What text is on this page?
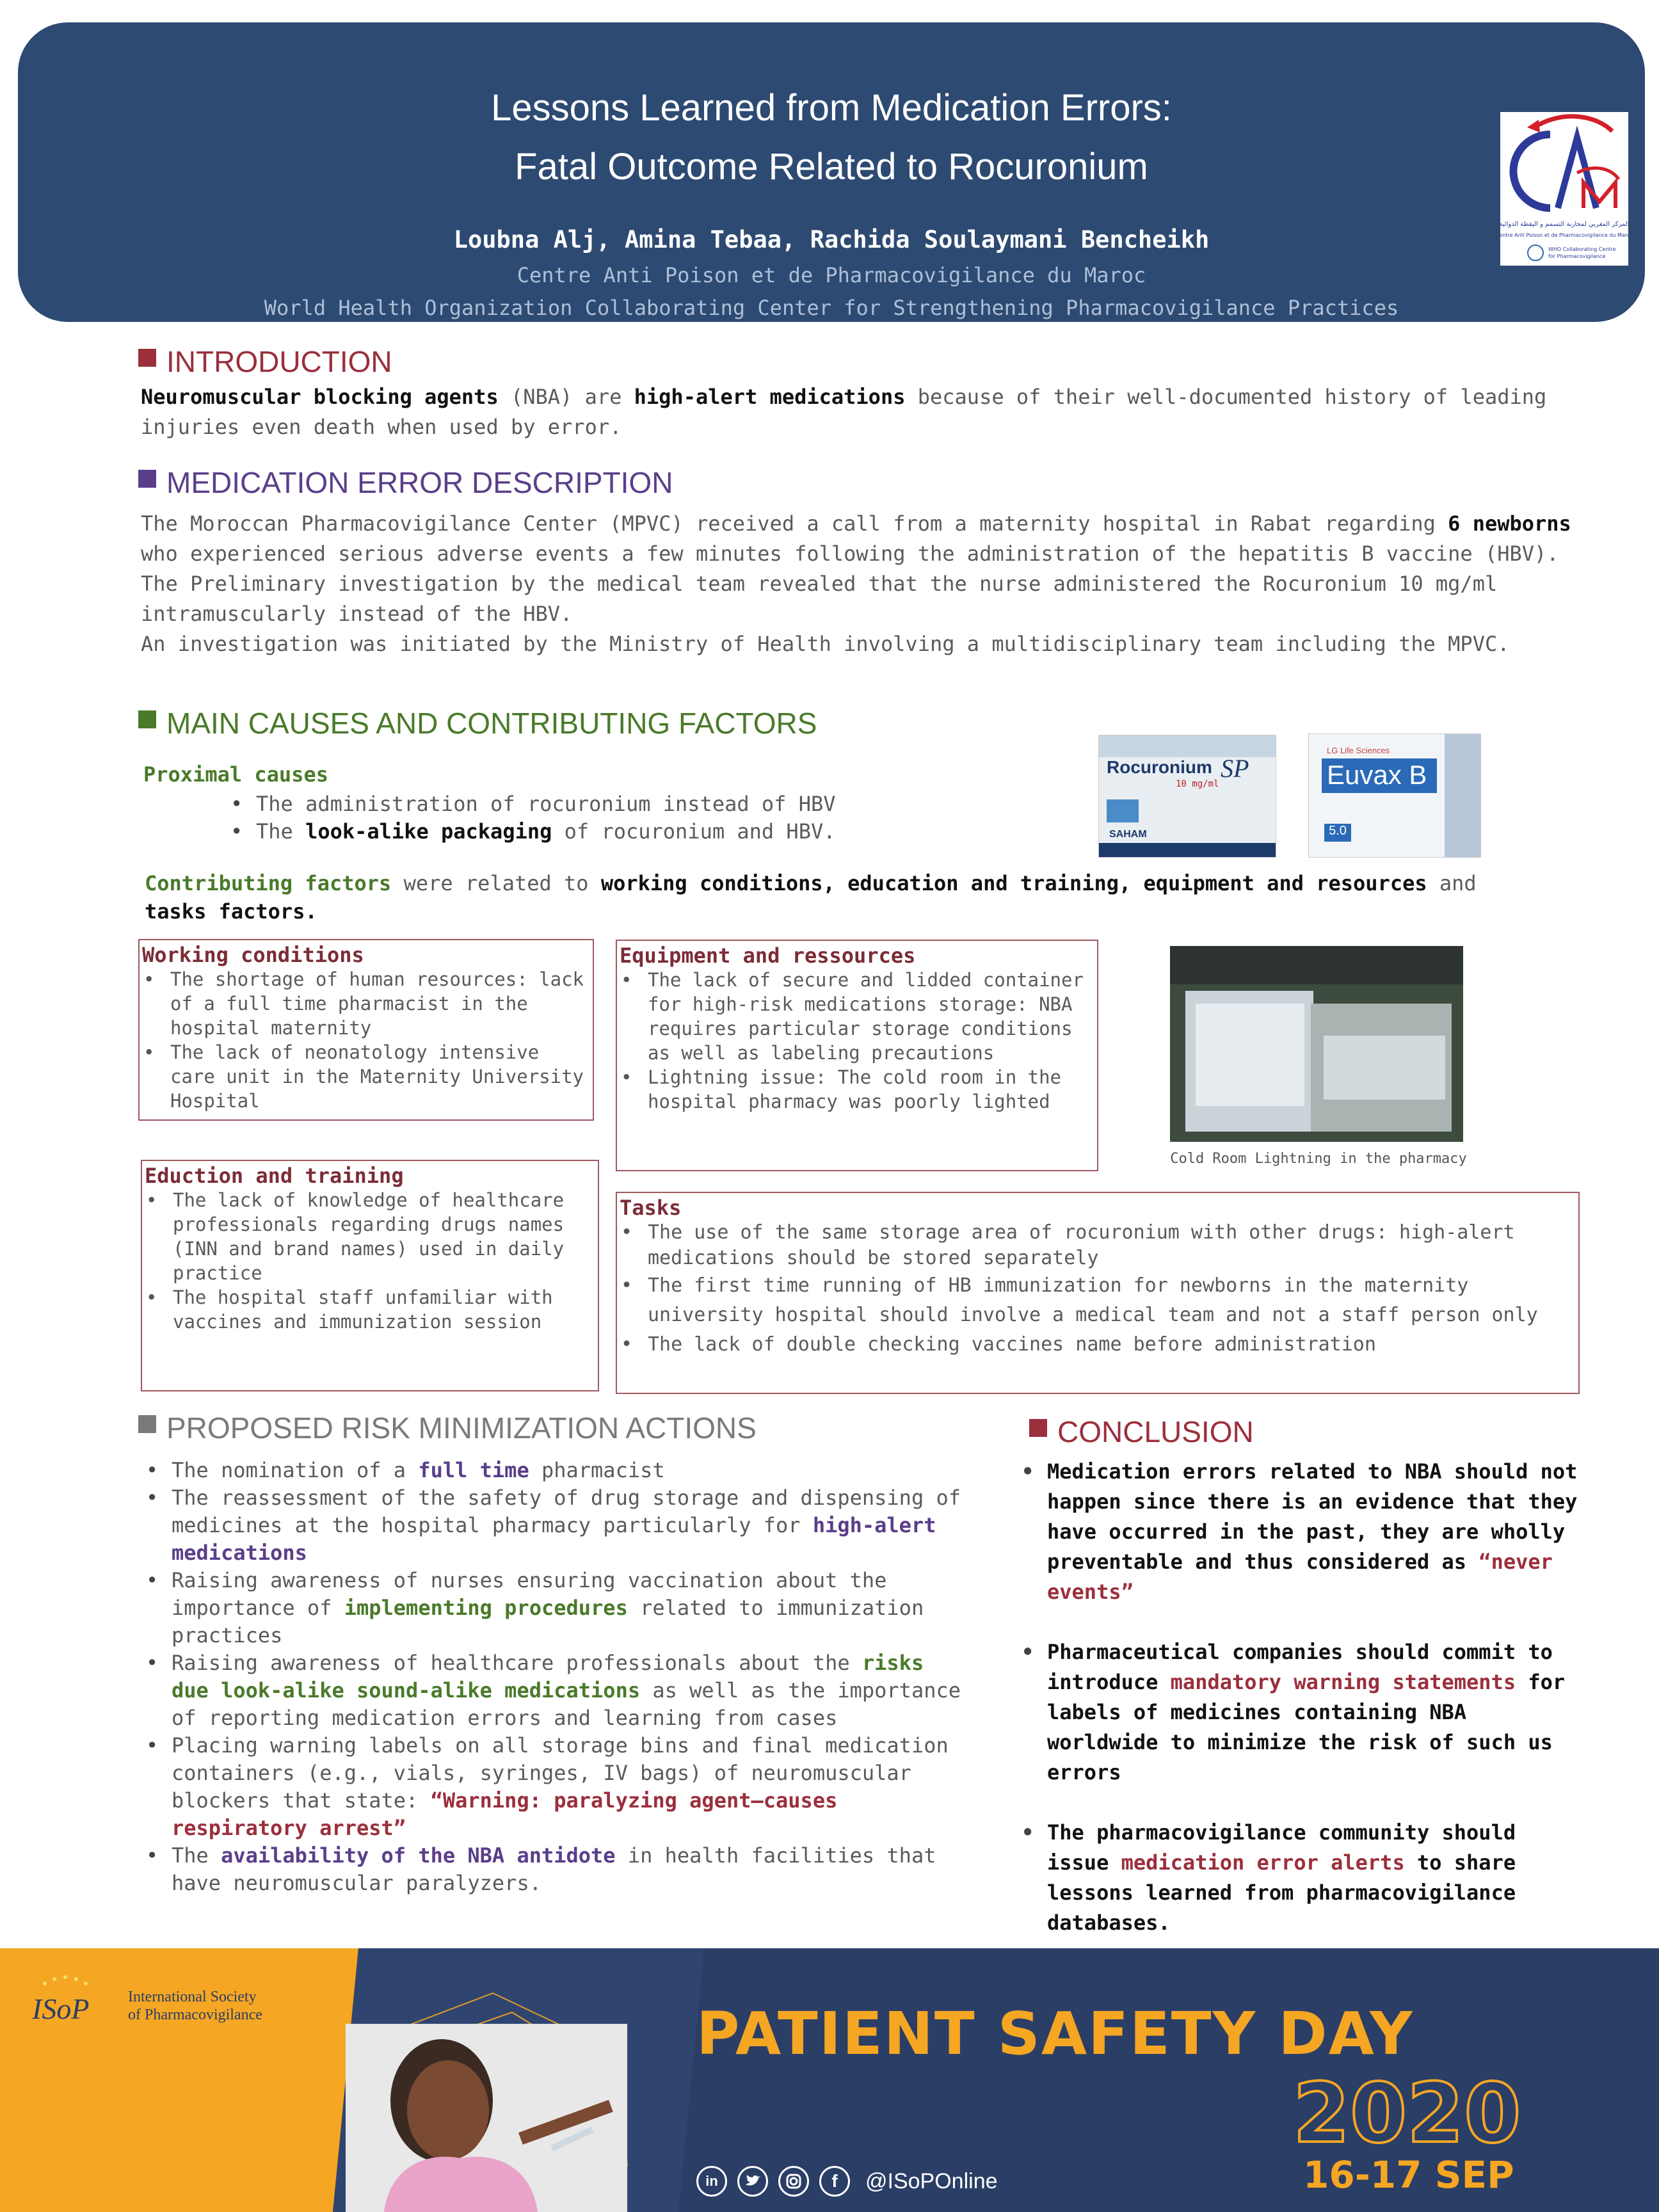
Lessons Learned from Medication Errors:
Fatal Outcome Related to Rocuronium
Loubna Alj, Amina Tebaa, Rachida Soulaymani Bencheikh
Centre Anti Poison et de Pharmacovigilance du Maroc
World Health Organization Collaborating Center for Strengthening Pharmacovigilance Practices
المركز المغربي لمحاربة التسمم و اليقظة الدوائية
Centre Anti Poison et de Pharmacovigilance du Maroc
WHO Collaborating Centre
for Pharmacovigilance
INTRODUCTION
Neuromuscular blocking agents (NBA) are high-alert medications because of their well-documented history of leading injuries even death when used by error.
MEDICATION ERROR DESCRIPTION
The Moroccan Pharmacovigilance Center (MPVC) received a call from a maternity hospital in Rabat regarding 6 newborns who experienced serious adverse events a few minutes following the administration of the hepatitis B vaccine (HBV). The Preliminary investigation by the medical team revealed that the nurse administered the Rocuronium 10 mg/ml intramuscularly instead of the HBV.
An investigation was initiated by the Ministry of Health involving a multidisciplinary team including the MPVC.
MAIN CAUSES AND CONTRIBUTING FACTORS
Proximal causes
• The administration of rocuronium instead of HBV
• The look-alike packaging of rocuronium and HBV.
Rocuronium SP
10 mg/ml
SAHAM
LG Life Sciences
Euvax B
5.0
Contributing factors were related to working conditions, education and training, equipment and resources and tasks factors.
Working conditions
• The shortage of human resources: lack of a full time pharmacist in the hospital maternity
• The lack of neonatology intensive care unit in the Maternity University Hospital
Equipment and ressources
• The lack of secure and lidded container for high-risk medications storage: NBA requires particular storage conditions as well as labeling precautions
• Lightning issue: The cold room in the hospital pharmacy was poorly lighted
Cold Room Lightning in the pharmacy
Eduction and training
• The lack of knowledge of healthcare professionals regarding drugs names (INN and brand names) used in daily practice
• The hospital staff unfamiliar with vaccines and immunization session
Tasks
• The use of the same storage area of rocuronium with other drugs: high-alert medications should be stored separately
• The first time running of HB immunization for newborns in the maternity university hospital should involve a medical team and not a staff person only
• The lack of double checking vaccines name before administration
PROPOSED RISK MINIMIZATION ACTIONS
• The nomination of a full time pharmacist
• The reassessment of the safety of drug storage and dispensing of medicines at the hospital pharmacy particularly for high-alert medications
• Raising awareness of nurses ensuring vaccination about the importance of implementing procedures related to immunization practices
• Raising awareness of healthcare professionals about the risks due look-alike sound-alike medications as well as the importance of reporting medication errors and learning from cases
• Placing warning labels on all storage bins and final medication containers (e.g., vials, syringes, IV bags) of neuromuscular blockers that state: “Warning: paralyzing agent—causes respiratory arrest”
• The availability of the NBA antidote in health facilities that have neuromuscular paralyzers.
CONCLUSION
• Medication errors related to NBA should not happen since there is an evidence that they have occurred in the past, they are wholly preventable and thus considered as “never events”
• Pharmaceutical companies should commit to introduce mandatory warning statements for labels of medicines containing NBA worldwide to minimize the risk of such us errors
• The pharmacovigilance community should issue medication error alerts to share lessons learned from pharmacovigilance databases.
ISoP	International Society
of Pharmacovigilance	PATIENT SAFETY DAY
2020
16-17 SEP
in	f	@ISoPOnline
